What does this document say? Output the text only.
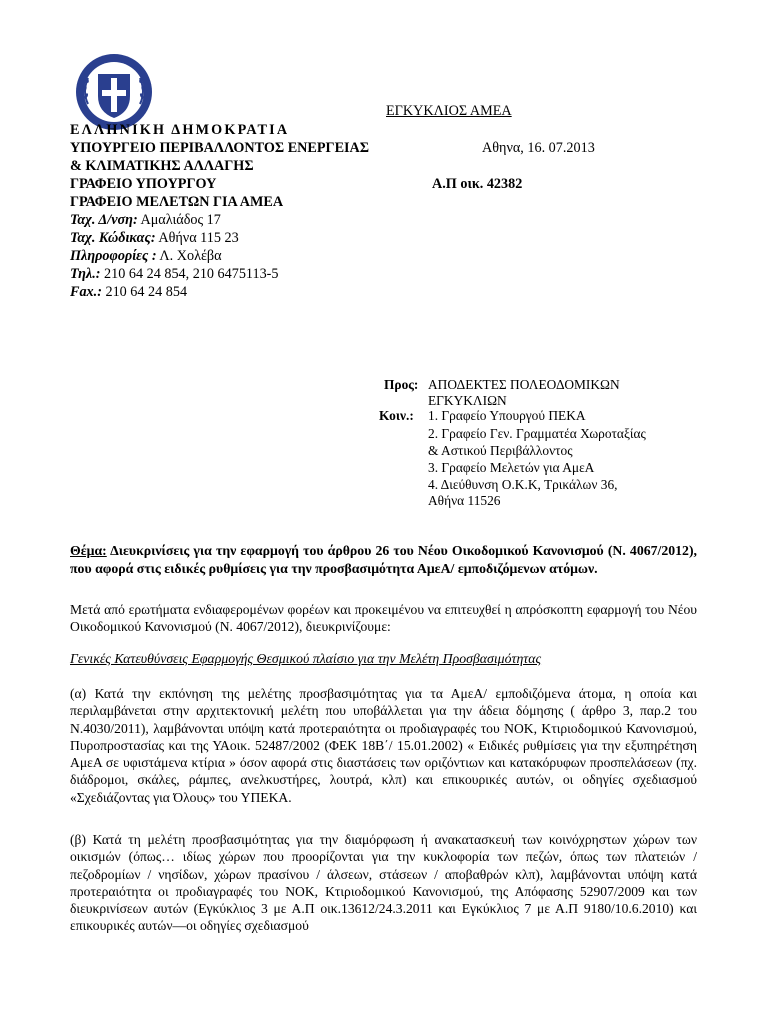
ΕΓΚΥΚΛΙΟΣ ΑΜΕΑ
ΕΛΛΗΝΙΚΗ ΔΗΜΟΚΡΑΤΙΑ
ΥΠΟΥΡΓΕΙΟ ΠΕΡΙΒΑΛΛΟΝΤΟΣ ΕΝΕΡΓΕΙΑΣ
& ΚΛΙΜΑΤΙΚΗΣ ΑΛΛΑΓΗΣ
ΓΡΑΦΕΙΟ ΥΠΟΥΡΓΟΥ
ΓΡΑΦΕΙΟ ΜΕΛΕΤΩΝ ΓΙΑ ΑΜΕΑ
Ταχ. Δ/νση: Αμαλιάδος 17
Ταχ. Κώδικας: Αθήνα 115 23
Πληροφορίες : Λ. Χολέβα
Τηλ.: 210 64 24 854, 210 6475113-5
Fax.: 210 64 24 854
Αθηνα, 16. 07.2013
Α.Π οικ. 42382
Προς: ΑΠΟΔΕΚΤΕΣ ΠΟΛΕΟΔΟΜΙΚΩΝ
ΕΓΚΥΚΛΙΩΝ
Κοιν.: 1. Γραφείο Υπουργού ΠΕΚΑ
2. Γραφείο Γεν. Γραμματέα Χωροταξίας
& Αστικού Περιβάλλοντος
3. Γραφείο Μελετών για ΑμεΑ
4. Διεύθυνση Ο.Κ.Κ, Τρικάλων 36,
Αθήνα 11526
Θέμα: Διευκρινίσεις για την εφαρμογή του άρθρου 26 του Νέου Οικοδομικού Κανονισμού (Ν. 4067/2012), που αφορά στις ειδικές ρυθμίσεις για την προσβασιμότητα ΑμεΑ/ εμποδιζόμενων ατόμων.
Μετά από ερωτήματα ενδιαφερομένων φορέων και προκειμένου να επιτευχθεί η απρόσκοπτη εφαρμογή του Νέου Οικοδομικού Κανονισμού (Ν. 4067/2012), διευκρινίζουμε:
Γενικές Κατευθύνσεις Εφαρμογής Θεσμικού πλαίσιο για την Μελέτη Προσβασιμότητας
(α) Κατά την εκπόνηση της μελέτης προσβασιμότητας για τα ΑμεΑ/ εμποδιζόμενα άτομα, η οποία και περιλαμβάνεται στην αρχιτεκτονική μελέτη που υποβάλλεται για την άδεια δόμησης ( άρθρο 3, παρ.2 του Ν.4030/2011), λαμβάνονται υπόψη κατά προτεραιότητα οι προδιαγραφές του ΝΟΚ, Κτιριοδομικού Κανονισμού, Πυροπροστασίας και της ΥΑοικ. 52487/2002 (ΦΕΚ 18Β΄/ 15.01.2002) « Ειδικές ρυθμίσεις για την εξυπηρέτηση ΑμεΑ σε υφιστάμενα κτίρια » όσον αφορά στις διαστάσεις των οριζόντιων και κατακόρυφων προσπελάσεων (πχ. διάδρομοι, σκάλες, ράμπες, ανελκυστήρες, λουτρά, κλπ) και επικουρικές αυτών, οι οδηγίες σχεδιασμού «Σχεδιάζοντας για Όλους» του ΥΠΕΚΑ.
(β) Κατά τη μελέτη προσβασιμότητας για την διαμόρφωση ή ανακατασκευή των κοινόχρηστων χώρων των οικισμών (όπως… ιδίως χώρων που προορίζονται για την κυκλοφορία των πεζών, όπως των πλατειών / πεζοδρομίων / νησίδων, χώρων πρασίνου / άλσεων, στάσεων / αποβαθρών κλπ), λαμβάνονται υπόψη κατά προτεραιότητα οι προδιαγραφές του ΝΟΚ, Κτιριοδομικού Κανονισμού, της Απόφασης 52907/2009 και των διευκρινίσεων αυτών (Εγκύκλιος 3 με Α.Π οικ.13612/24.3.2011 και Εγκύκλιος 7 με Α.Π 9180/10.6.2010) και επικουρικές αυτών—οι οδηγίες σχεδιασμού
